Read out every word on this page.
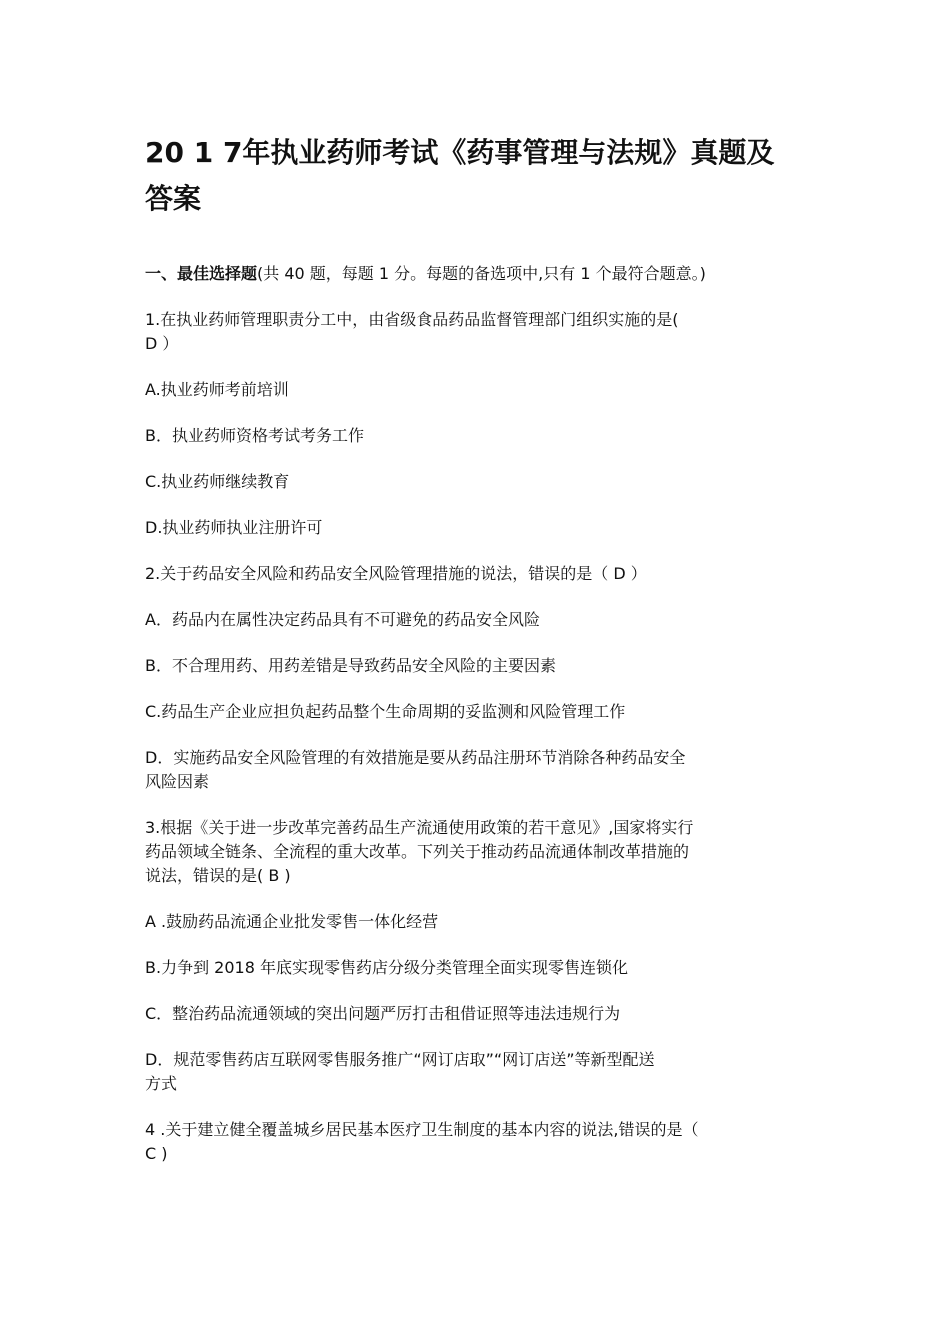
20 1 7年执业药师考试《药事管理与法规》真题及
答案
一、最佳选择题(共 40 题，每题 1 分。每题的备选项中,只有 1 个最符合题意。)
1.在执业药师管理职责分工中，由省级食品药品监督管理部门组织实施的是(
D ）
A.执业药师考前培训
B．执业药师资格考试考务工作
C.执业药师继续教育
D.执业药师执业注册许可
2.关于药品安全风险和药品安全风险管理措施的说法，错误的是（ D ）
A．药品内在属性决定药品具有不可避免的药品安全风险
B．不合理用药、用药差错是导致药品安全风险的主要因素
C.药品生产企业应担负起药品整个生命周期的妥监测和风险管理工作
D．实施药品安全风险管理的有效措施是要从药品注册环节消除各种药品安全
风险因素
3.根据《关于进一步改革完善药品生产流通使用政策的若干意见》,国家将实行
药品领域全链条、全流程的重大改革。下列关于推动药品流通体制改革措施的
说法，错误的是( B )
A .鼓励药品流通企业批发零售一体化经营
B.力争到 2018 年底实现零售药店分级分类管理全面实现零售连锁化
C．整治药品流通领域的突出问题严厉打击租借证照等违法违规行为
D．规范零售药店互联网零售服务推广“网订店取”“网订店送”等新型配送
方式
4 .关于建立健全覆盖城乡居民基本医疗卫生制度的基本内容的说法,错误的是（
C )
